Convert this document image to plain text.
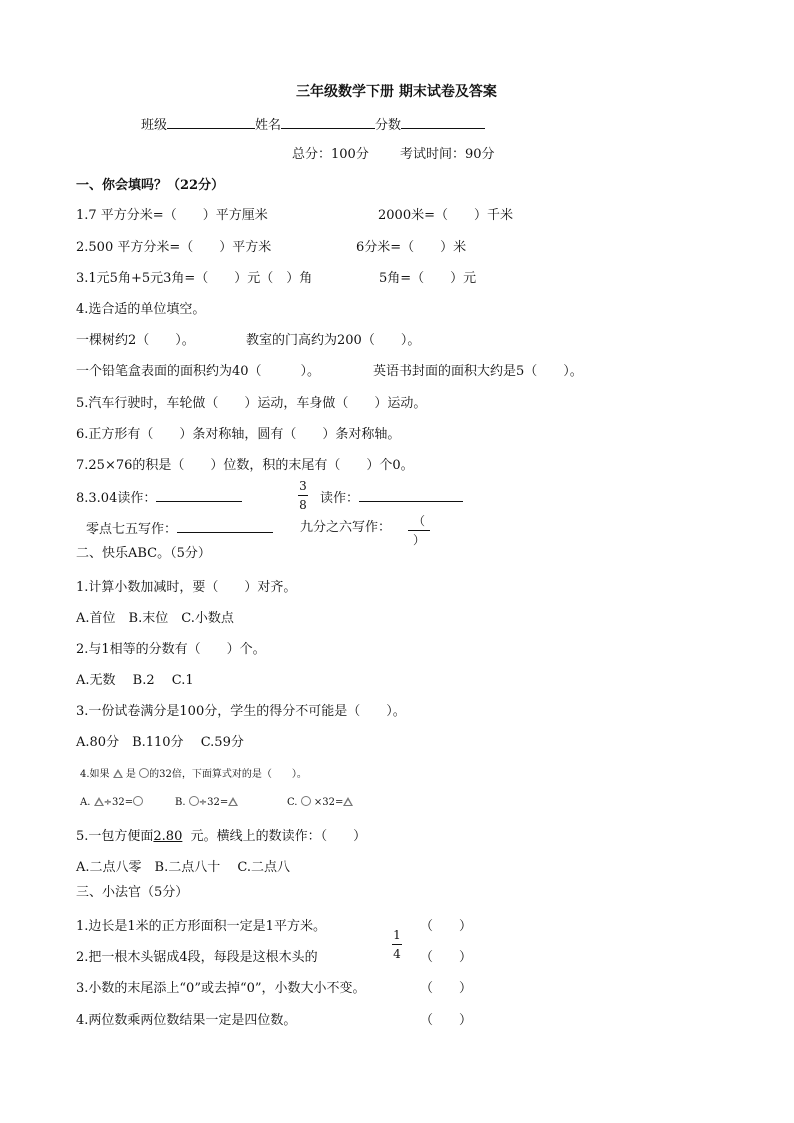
三年级数学下册 期末试卷及答案
班级	姓名	分数
总分：100分 考试时间：90分
一、你会填吗？（22分）
1.7 平方分米=（　　）平方厘米	2000米=（　　）千米
2.500 平方分米=（　　）平方米	6分米=（　　）米
3.1元5角+5元3角=（　　）元（　）角	5角=（　　）元
4.选合适的单位填空。
一棵树约2（　　）。	教室的门高约为200（　　）。
一个铅笔盒表面的面积约为40（　　　）。	英语书封面的面积大约是5（　　）。
5.汽车行驶时，车轮做（　　）运动，车身做（　　）运动。
6.正方形有（　　）条对称轴，圆有（　　）条对称轴。
7.25×76的积是（　　）位数，积的末尾有（　　）个0。
8.3.04读作：
3
8 读作：
零点七五写作：	九分之六写作：	（
）
二、快乐ABC。（5分）
1.计算小数加减时，要（　　）对齐。
A.首位　B.末位　C.小数点
2.与1相等的分数有（　　）个。
A.无数　 B.2　 C.1
3.一份试卷满分是100分，学生的得分不可能是（　　）。
A.80分　B.110分　 C.59分
4.如果 是 的32倍，下面算式对的是（　　）。
A. ÷32=	B. ÷32=	C. ×32=
5.一包方便面2.80 元。横线上的数读作：（　　）
A.二点八零　B.二点八十　 C.二点八
三、小法官（5分）
1.边长是1米的正方形面积一定是1平方米。	（　　）
2.把一根木头锯成4段，每段是这根木头的
1
4 （　　）
3.小数的末尾添上“0”或去掉“0”，小数大小不变。	（　　）
4.两位数乘两位数结果一定是四位数。	（　　）
